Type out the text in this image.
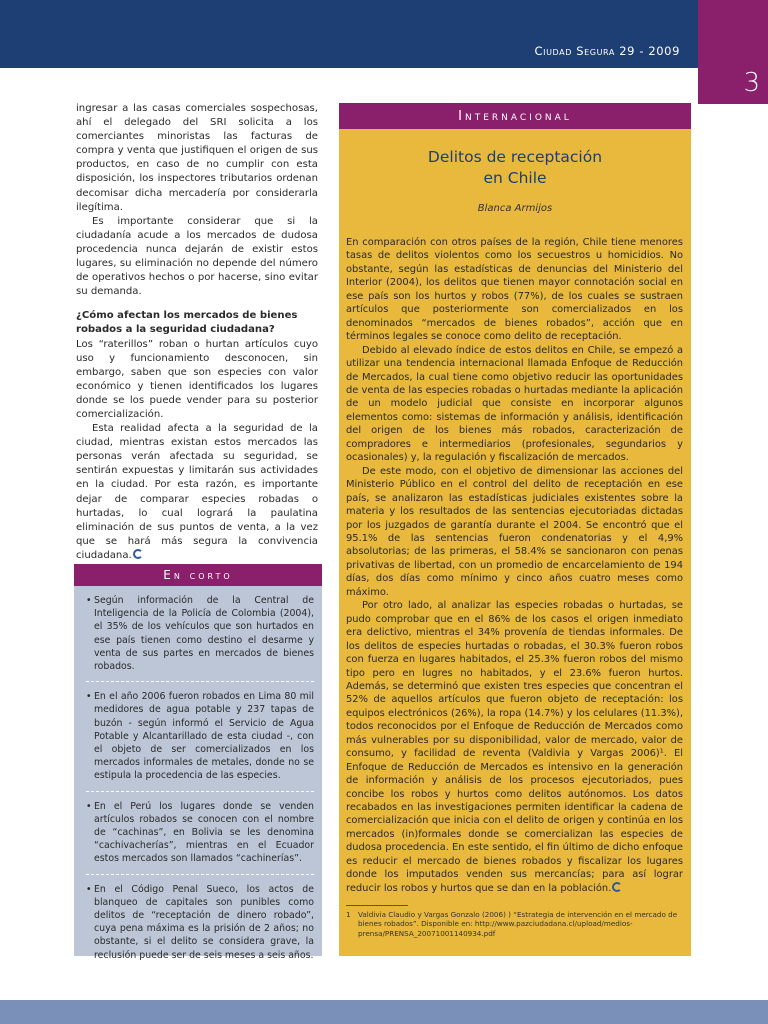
Ciudad Segura 29 - 2009
3

ingresar a las casas comerciales sospechosas, ahí el delegado del SRI solicita a los comerciantes minoristas las facturas de compra y venta que justifiquen el origen de sus productos, en caso de no cumplir con esta disposición, los inspectores tributarios ordenan decomisar dicha mercadería por considerarla ilegítima.

Es importante considerar que si la ciudadanía acude a los mercados de dudosa procedencia nunca dejarán de existir estos lugares, su eliminación no depende del número de operativos hechos o por hacerse, sino evitar su demanda.

¿Cómo afectan los mercados de bienes robados a la seguridad ciudadana?

Los “raterillos” roban o hurtan artículos cuyo uso y funcionamiento desconocen, sin embargo, saben que son especies con valor económico y tienen identificados los lugares donde se los puede vender para su posterior comercialización.

Esta realidad afecta a la seguridad de la ciudad, mientras existan estos mercados las personas verán afectada su seguridad, se sentirán expuestas y limitarán sus actividades en la ciudad. Por esta razón, es importante dejar de comparar especies robadas o hurtadas, lo cual logrará la paulatina eliminación de sus puntos de venta, a la vez que se hará más segura la convivencia ciudadana.

En corto
• Según información de la Central de Inteligencia de la Policía de Colombia (2004), el 35% de los vehículos que son hurtados en ese país tienen como destino el desarme y venta de sus partes en mercados de bienes robados.
• En el año 2006 fueron robados en Lima 80 mil medidores de agua potable y 237 tapas de buzón - según informó el Servicio de Agua Potable y Alcantarillado de esta ciudad -, con el objeto de ser comercializados en los mercados informales de metales, donde no se estipula la procedencia de las especies.
• En el Perú los lugares donde se venden artículos robados se conocen con el nombre de “cachinas”, en Bolivia se les denomina “cachivacherías”, mientras en el Ecuador estos mercados son llamados “cachinerías”.
• En el Código Penal Sueco, los actos de blanqueo de capitales son punibles como delitos de “receptación de dinero robado”, cuya pena máxima es la prisión de 2 años; no obstante, si el delito se considera grave, la reclusión puede ser de seis meses a seis años.
Internacional
Delitos de receptación
en Chile
Blanca Armijos

En comparación con otros países de la región, Chile tiene menores tasas de delitos violentos como los secuestros u homicidios. No obstante, según las estadísticas de denuncias del Ministerio del Interior (2004), los delitos que tienen mayor connotación social en ese país son los hurtos y robos (77%), de los cuales se sustraen artículos que posteriormente son comercializados en los denominados “mercados de bienes robados”, acción que en términos legales se conoce como delito de receptación.

Debido al elevado índice de estos delitos en Chile, se empezó a utilizar una tendencia internacional llamada Enfoque de Reducción de Mercados, la cual tiene como objetivo reducir las oportunidades de venta de las especies robadas o hurtadas mediante la aplicación de un modelo judicial que consiste en incorporar algunos elementos como: sistemas de información y análisis, identificación del origen de los bienes más robados, caracterización de compradores e intermediarios (profesionales, segundarios y ocasionales) y, la regulación y fiscalización de mercados.

De este modo, con el objetivo de dimensionar las acciones del Ministerio Público en el control del delito de receptación en ese país, se analizaron las estadísticas judiciales existentes sobre la materia y los resultados de las sentencias ejecutoriadas dictadas por los juzgados de garantía durante el 2004. Se encontró que el 95.1% de las sentencias fueron condenatorias y el 4,9% absolutorias; de las primeras, el 58.4% se sancionaron con penas privativas de libertad, con un promedio de encarcelamiento de 194 días, dos días como mínimo y cinco años cuatro meses como máximo.

Por otro lado, al analizar las especies robadas o hurtadas, se pudo comprobar que en el 86% de los casos el origen inmediato era delictivo, mientras el 34% provenía de tiendas informales. De los delitos de especies hurtadas o robadas, el 30.3% fueron robos con fuerza en lugares habitados, el 25.3% fueron robos del mismo tipo pero en lugres no habitados, y el 23.6% fueron hurtos. Además, se determinó que existen tres especies que concentran el 52% de aquellos artículos que fueron objeto de receptación: los equipos electrónicos (26%), la ropa (14.7%) y los celulares (11.3%), todos reconocidos por el Enfoque de Reducción de Mercados como más vulnerables por su disponibilidad, valor de mercado, valor de consumo, y facilidad de reventa (Valdivia y Vargas 2006)¹. El Enfoque de Reducción de Mercados es intensivo en la generación de información y análisis de los procesos ejecutoriados, pues concibe los robos y hurtos como delitos autónomos. Los datos recabados en las investigaciones permiten identificar la cadena de comercialización que inicia con el delito de origen y continúa en los mercados (in)formales donde se comercializan las especies de dudosa procedencia. En este sentido, el fin último de dicho enfoque es reducir el mercado de bienes robados y fiscalizar los lugares donde los imputados venden sus mercancías; para así lograr reducir los robos y hurtos que se dan en la población.

1	Valdivia Claudio y Vargas Gonzalo (2006) ) “Estrategia de intervención en el mercado de bienes robados”. Disponible en: http://www.pazciudadana.cl/upload/medios-prensa/PRENSA_20071001140934.pdf
